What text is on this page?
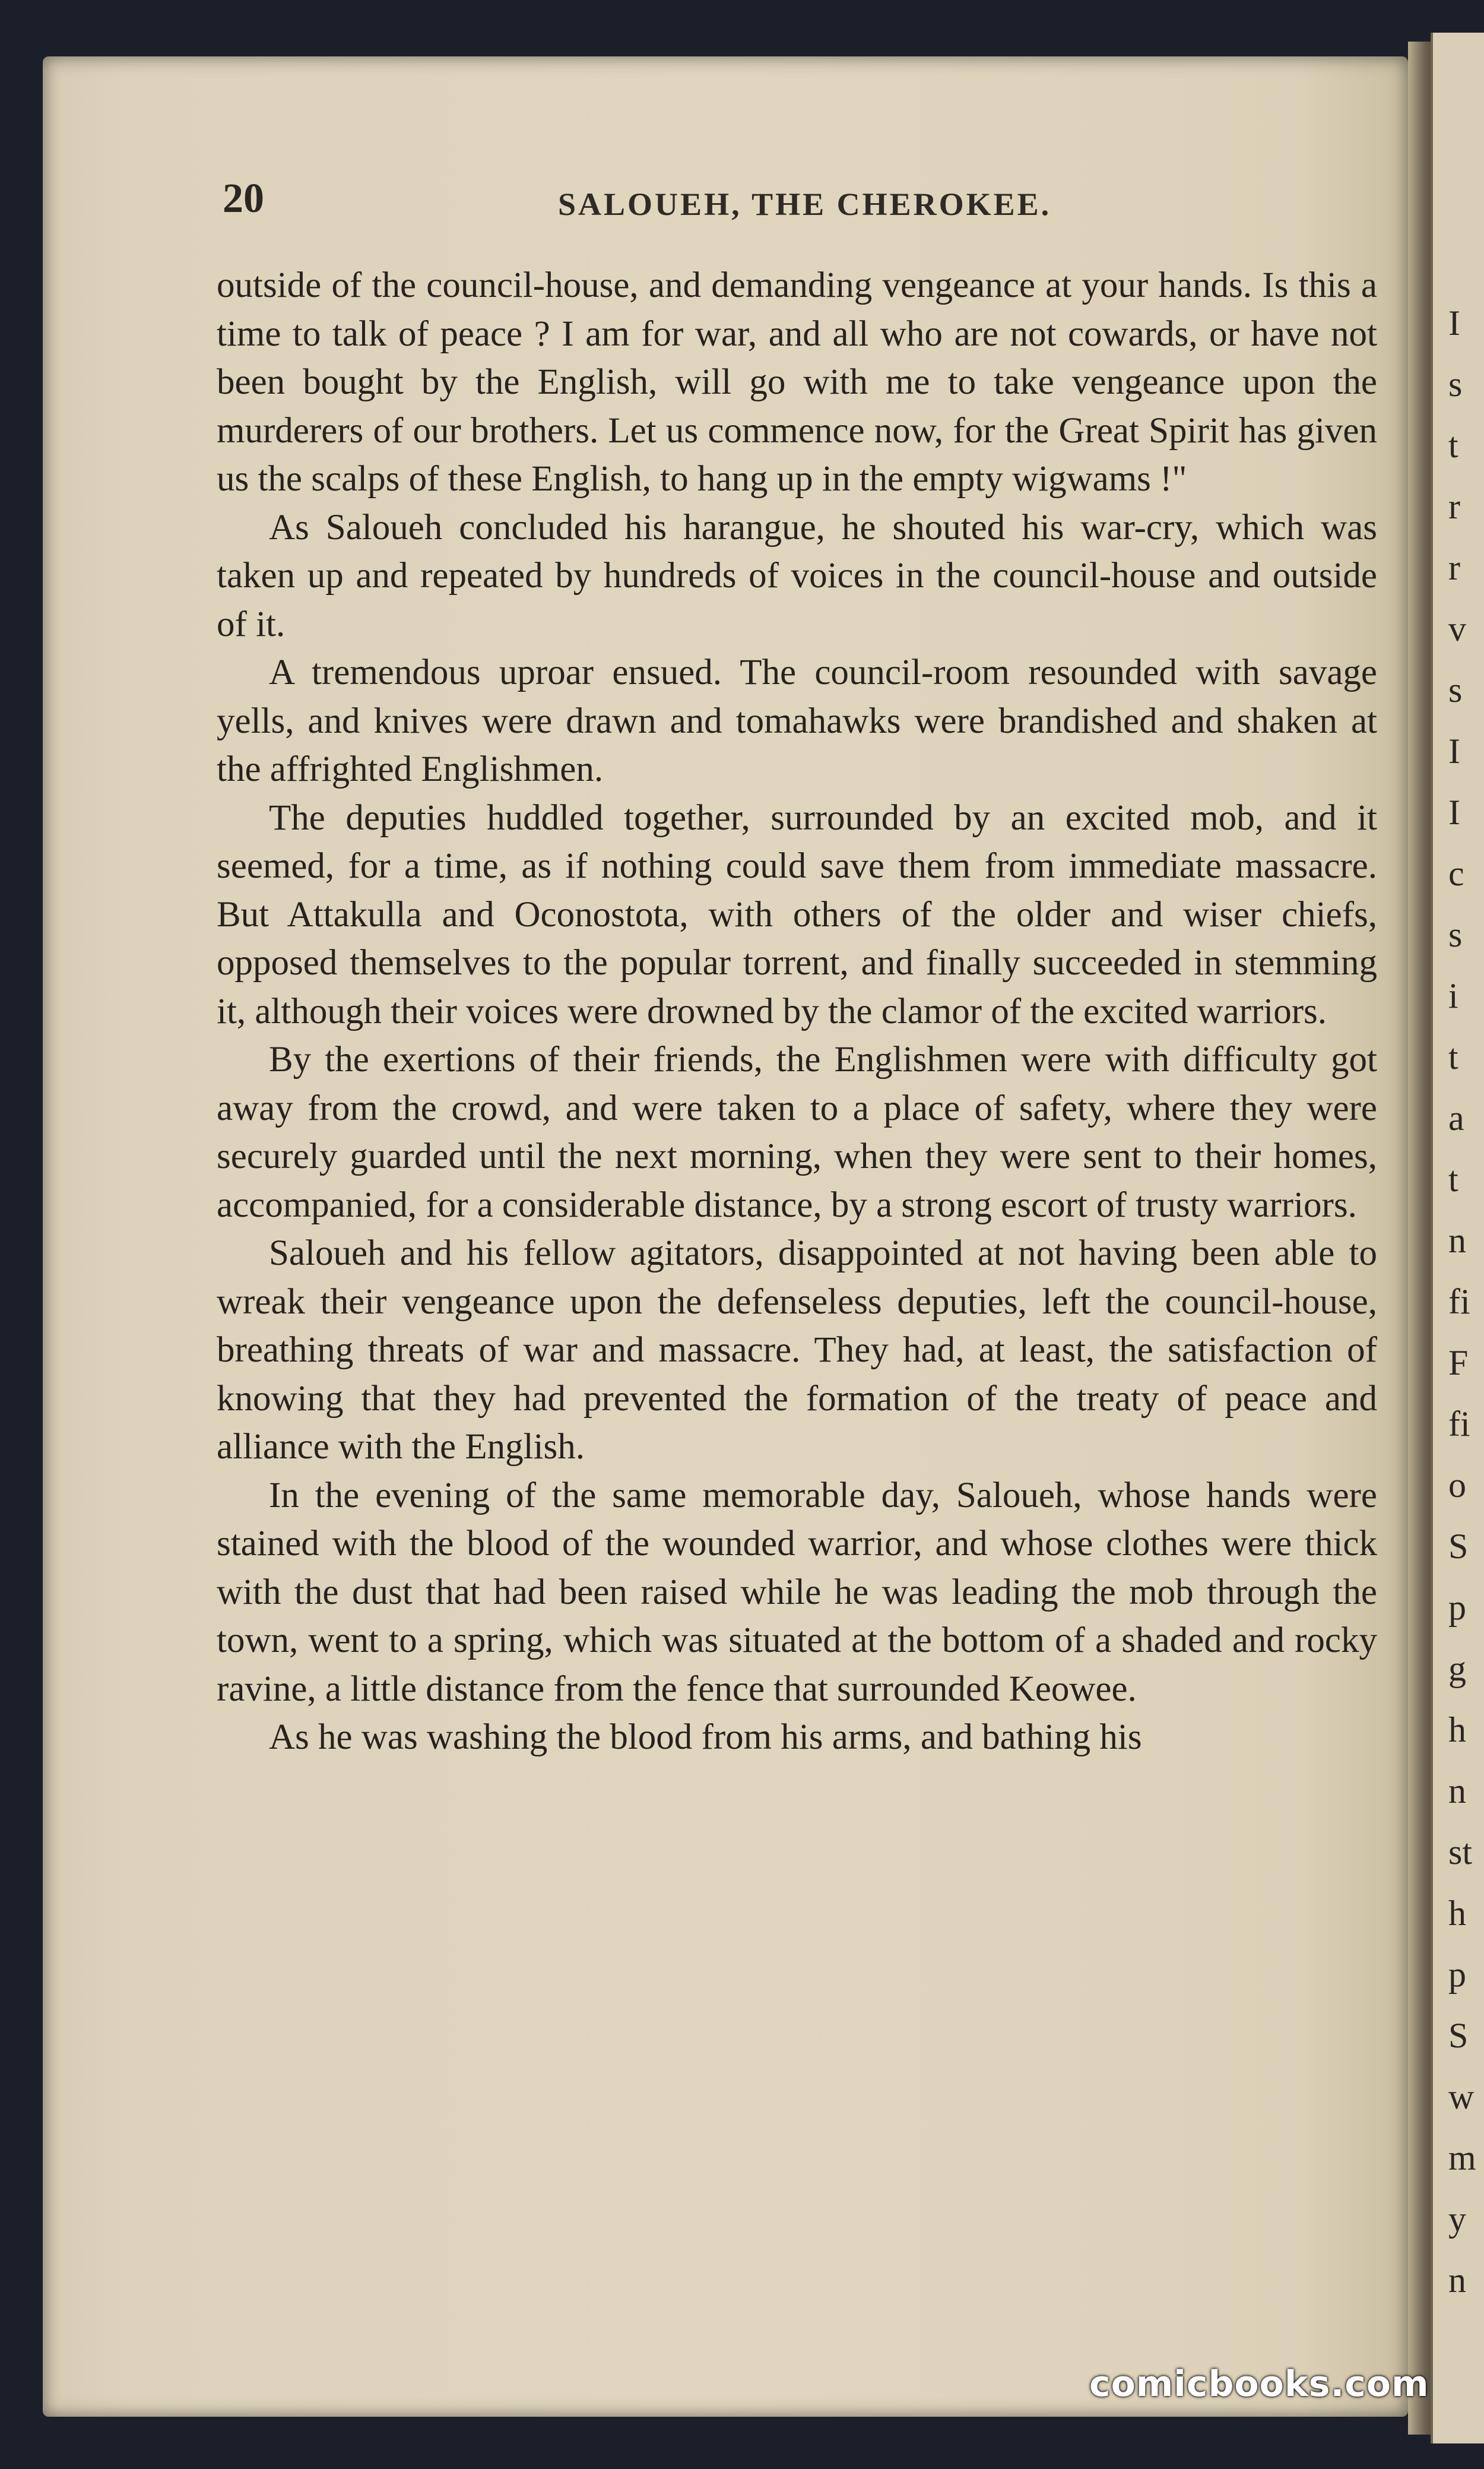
20	SALOUEH, THE CHEROKEE.

outside of the council-house, and demanding vengeance at your hands. Is this a time to talk of peace ? I am for war, and all who are not cowards, or have not been bought by the English, will go with me to take vengeance upon the murderers of our brothers. Let us commence now, for the Great Spirit has given us the scalps of these English, to hang up in the empty wigwams !"

As Saloueh concluded his harangue, he shouted his war-cry, which was taken up and repeated by hundreds of voices in the council-house and outside of it.

A tremendous uproar ensued. The council-room resounded with savage yells, and knives were drawn and tomahawks were brandished and shaken at the affrighted Englishmen.

The deputies huddled together, surrounded by an excited mob, and it seemed, for a time, as if nothing could save them from immediate massacre. But Attakulla and Oconostota, with others of the older and wiser chiefs, opposed themselves to the popular torrent, and finally succeeded in stemming it, although their voices were drowned by the clamor of the excited warriors.

By the exertions of their friends, the Englishmen were with difficulty got away from the crowd, and were taken to a place of safety, where they were securely guarded until the next morning, when they were sent to their homes, accompanied, for a considerable distance, by a strong escort of trusty warriors.

Saloueh and his fellow agitators, disappointed at not having been able to wreak their vengeance upon the defenseless deputies, left the council-house, breathing threats of war and massacre. They had, at least, the satisfaction of knowing that they had prevented the formation of the treaty of peace and alliance with the English.

In the evening of the same memorable day, Saloueh, whose hands were stained with the blood of the wounded warrior, and whose clothes were thick with the dust that had been raised while he was leading the mob through the town, went to a spring, which was situated at the bottom of a shaded and rocky ravine, a little distance from the fence that surrounded Keowee.

As he was washing the blood from his arms, and bathing his

I
s
t
r
r
v
s
I
I
c
s
i
t
a
t
n
fi
F
fi
o
S
p
g
h
n
st
h
p
S
w
m
y
n
comicbooks.com
